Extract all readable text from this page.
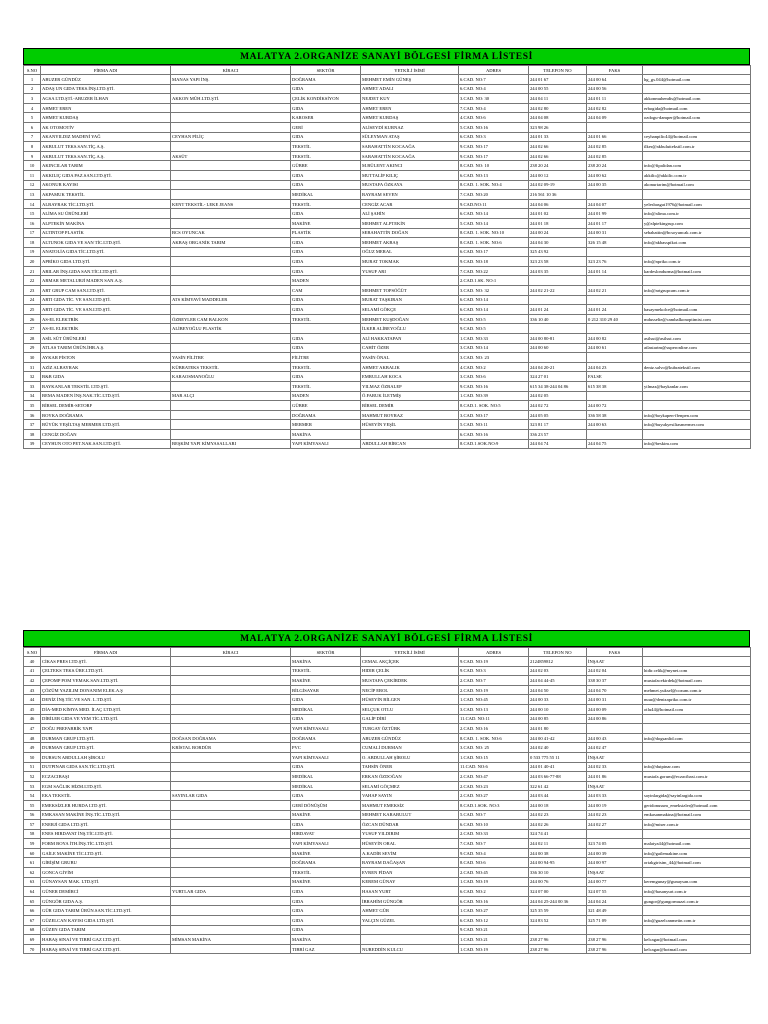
MALATYA 2.ORGANİZE SANAYİ BÖLGESİ FİRMA LİSTESİ
S.NO	FİRMA ADI	KİRACI	SEKTÖR	YETKİLİ İSİMİ	ADRES	TELEFON NO	FAKS	
1	ABUZER GÜNDÜZ	MANAS YAPI İNŞ.	DOĞRAMA	MEHMET EMİN GÜNEŞ	6.CAD. NO:7	244 01 67	244 00 64	hg_gs.044@hotmail.com
2	ADAŞ UN GIDA TEKS.İNŞ.LTD.ŞTİ.		GIDA	AHMET ADALI	6.CAD. NO:4	244 00 55	244 00 56	
3	AGSA LTD.ŞTİ.-ABUZER İLHAN	AKKON MÜH.LTD.ŞTİ.	ÇELİK KONDİKSİYON	NEJDET KUY	3.CAD. NO: 30	244 04 11	244 01 11	akkonmuhendis@hotmail.com
4	AHMET EREN		GIDA	AHMET EREN	7.CAD. NO:4	244 02 80	244 02 82	erbogida@hotmail.com
5	AHMET KURDAŞ		KAROSER	AHMET KURDAŞ	4.CAD. NO:6	244 04 08	244 04 09	ozdogu-damper@hotmail.com
6	AK OTOMOTİV		GERİ	ALİSEYDİ KURNAZ	5.CAD. NO:16	323 98 26		
7	AKANYILDIZ MADENİ YAĞ	CEYHAN PİLİÇ	GIDA	SÜLEYMAN ATAŞ	6.CAD. NO:3	244 01 33	244 01 66	ceyhanpilic44@hotmail.com
8	AKBULUT TEKS.SAN.TİÇ.A.Ş.		TEKSTİL	SABAHATTİN KOCAAĞA	9.CAD. NO:17	244 02 66	244 02 85	ilker@akbuluttekstil.com.tr
9	AKBULUT TEKS.SAN.TİÇ.A.Ş.	AKSÜT	TEKSTİL	SABAHATTİN KOCAAĞA	9.CAD. NO:17	244 02 66	244 02 85	
10	AKINCILAR TARIM		GÜBRE	M.BÜLENT AKINCI	8.CAD. NO: 10	238 20 24	238 20 24	info@fipalidan.com
11	AKKILIÇ GIDA PAZ.SAN.LTD.ŞTİ.		GIDA	MUTTALİP KILIÇ	6.CAD. NO:13	244 00 12	244 00 62	akkilic@akkilic.com.tr
12	AKONUR KAYISI		GIDA	MUSTAFA ÖZKAYA	8.CAD. 1. SOK. NO:4	244 02 09-19	244 00 35	akonurtarim@hotmail.com
13	AKPAMUK TEKSTİL		MEDİKAL	BAYRAM SEVEN	7.CAD. NO:20	216 561 10 36		
14	ALBAYRAK TİC.LTD.ŞTİ.	KENT TEKSTİL- LEKE JEANS	TEKSTİL	CENGİZ ACAR	9.CAD.NO:11	244 04 06	244 04 07	yelesbasgat1976@hotmail.com
15	ALİMA SU ÜRÜNLERİ		GIDA	ALİ ŞAHİN	6.CAD. NO:14	244 01 02	244 01 99	info@alima.com.tr
16	ALPTEKİN MAKİNA		MAKİNE	MEHMET ALPTEKİN	5.CAD. NO:14	244 01 18	244 01 17	y@alptekingrup.com
17	ALTINTOP PLASTİK	BCS OYUNCAK	PLASTİK	SEBAHATTİN DOĞAN	8.CAD. 1. SOK. NO:10	244 00 24	244 00 31	sebahattin@bcsoyuncak.com.tr
18	ALTUNOK GIDA VE SAN TİC.LTD.ŞTİ.	AKBAŞ ORGANİK TARIM	GIDA	MEHMET AKBAŞ	8.CAD. 1. SOK. NO:6	244 04 30	326 15 48	info@akbasspikot.com
19	ANATOLİA GIDA TİC.LTD.ŞTİ.		GIDA	OĞUZ MERAL	6.CAD. NO:17	325 43 92		
20	APRİKO GIDA LTD.ŞTİ.		GIDA	MURAT TOKMAK	9.CAD. NO:18	323 23 58	323 23 76	info@apriko.com.tr
21	ARILAR İNŞ.GIDA SAN.TİC.LTD.ŞTİ.		GIDA	YUSUF ARI	7.CAD. NO:22	244 03 35	244 01 14	kardeslondurma@hotmail.com
22	ARMAR METALURJİ MADEN SAN.A.Ş.		MADEN		2.CAD.1.SK. NO:1			
23	ART GRUP CAM SAN.LTD.ŞTİ.		CAM	MEHMET TOPSÖĞÜT	3.CAD. NO: 32	244 02 21-22	244 02 21	info@artgrupcam.com.tr
24	ARTI GIDA TİC. VE SAN.LTD.ŞTİ.	ATS KİMYAVİ MADDELER	GIDA	MURAT TAŞKIRAN	6.CAD. NO:14			
25	ARTI GIDA TİC. VE SAN.LTD.ŞTİ.		GIDA	SELAMİ GÖKÇE	6.CAD. NO:14	244 01 24	244 01 24	basaymekolce@hotmail.com
26	AS-EL ELEKTRİK	ÖZBEYLER CAM BALKON	TEKSTİL	MEHMET KUŞDOĞAN	9.CAD. NO:5	336 10 40	0 212 310 29 40	mdusselie@cambalkonoptimist.com
27	AS-EL ELEKTRİK	ALİBEYOĞLU PLASTİK		İLKER ALİBEYOĞLU	9.CAD. NO:5			
28	ASİL SÜT ÜRÜNLERİ		GIDA	ALİ HAKKATAPAN	1.CAD. NO:33	244 00 80-81	244 00 82	asilsut@asilsut.com
29	ATLAS TARIM ÜRÜN.İHR.A.Ş.		GIDA	CAHİT ÖZER	3.CAD. NO:14	244 00 60	244 00 61	atlastarim@superonline.com
30	AYKAR PİSTON	YASİN FİLİTRE	FİLİTRE	YASİN ÖNAL	3.CAD. NO: 23			
31	AZİZ ALBAYRAK	KÜBRATEKS TEKSTİL	TEKSTİL	AHMET AKBALIK	4.CAD. NO:2	244 04 20-21	244 04 23	deniz.salvo@kubratekstil.com
32	B&B GIDA	KARAOSMANOĞLU	GIDA	EMRULLAH KOCA	3.CAD. NO:6	324 27 01	FALSE	
33	BAYKANLAR TEKSTİL LTD.ŞTİ.		TEKSTİL	YILMAZ ÖZBALEP	9.CAD. NO:16	615 34 38-244 04 86	615 38 38	yilmaz@baykanlar.com
34	BEMA MADEN İNŞ.NAK.TİC.LTD.ŞTİ.	MAR ALÇI	MADEN	Ö.FARUK İLETMİŞ	1.CAD. NO:39	244 02 05		
35	BİRSEL DEMİR-SETORF		GÜBRE	BİRSEL DEMİR	8.CAD.1. SOK. NO:5	244 02 72	244 00 72	
36	BOYKA DOĞRAMA		DOĞRAMA	MAHMUT BOYRAZ	3.CAD. NO:17	244 05 05	336 58 38	info@boykapen-ffenpen.com
37	BÜYÜK YEŞİLTAŞ MERMER LTD.ŞTİ.		MERMER	HÜSEYİN YEŞİL	5.CAD. NO:11	323 81 17	244 00 63	info@buyukyesiltasmermer.com
38	CENGİZ DOĞAN		MAKİNA		6.CAD. NO:16	336 23 57		
39	CEYHUN OTO PET.NAK.SAN.LTD.ŞTİ.	BEŞKİM YAPI KİMYASALLARI	YAPI KİMYASALI	ABDULLAH BİRCAN	8.CAD.1.SOK.NO:9	244 04 74	244 04 75	info@beskim.com
MALATYA 2.ORGANİZE SANAYİ BÖLGESİ FİRMA LİSTESİ
S.NO	FİRMA ADI	KİRACI	SEKTÖR	YETKİLİ İSİMİ	ADRES	TELEFON NO	FAKS	
40	CİKAS PRES LTD.ŞTİ.		MAKİNA	CEMAL AKÇİÇEK	9.CAD. NO:19	2124859812	İNŞAAT	
41	ÇELTEKS TEKS.ÜRE.LTD.ŞTİ.		TEKSTİL	HIDIR ÇELİK	9.CAD. NO:3	244 02 03	244 02 04	hidir.celik@mynet.com
42	ÇEPOMP POM VEMAK.SAN.LTD.ŞTİ.		MAKİNE	MUSTAFA ÇEKİRDEK	2.CAD. NO:7	244 04 44-45	338 30 37	mustafacekirdek@hotmail.com
43	ÇÖZÜM YAZILIM DONANIM ELEK.A.Ş		BİLGİSAYAR	NECİP EROL	2.CAD. NO:19	244 04 50	244 04 70	mehmet.yuksel@cozum.com.tr
44	DENİZ İNŞ.TİC.VE SAN. L.TD.ŞTİ.		GIDA	HÜSEYİN BİLGEN	1.CAD. NO:45	244 00 33	244 00 31	nuur@denizapriko.com.tr
45	DİA-MED KİMYA MED. İLAÇ LTD.ŞTİ.		MEDİKAL	SELÇUK OTLU	3.CAD. NO:13	244 00 10	244 00 09	otlu44@hotmail.com
46	DİRİLER GIDA VE YEM TİC.LTD.ŞTİ.		GIDA	GALİP DİRİ	11.CAD. NO:11	244 00 85	244 00 86	
47	DOĞU PREFABRİK YAPI		YAPI KİMYASALI	TURGAY ÖZTÜRK	2.CAD. NO:16	244 01 80		
48	DURMAN GRUP LTD.ŞTİ.	DOĞSAN DOĞRAMA	DOĞRAMA	ABUZER GÜNDÜZ	8.CAD. 1. SOK. NO:6	244 00 41-42	244 00 43	info@dogsanltd.com
49	DURMAN GRUP LTD.ŞTİ.	KRİSTAL BORDÜR	PVC	CUMALİ DURMAN	3.CAD. NO: 25	244 02 40	244 02 47	
50	DURSUN ABDULLAH ŞİROLU		YAPI KİMYASALI	O. ABDULLAH ŞİROLU	1.CAD. NO:15	0 533 775 55 11	İNŞAAT	
51	DUTPINAR GIDA SAN.TİC.LTD.ŞTİ.		GIDA	TAHSİN ÖNER	11.CAD. NO:6	244 01 40-41	244 02 33	info@dutpinar.com
52	ECZACIBAŞI		MEDİKAL	ERKAN ÖZDOĞAN	2.CAD. NO:47	244 03 66-77-88	244 01 86	mustafa.gorum@eczacibasi.com.tr
53	EGM SAĞLIK HİZM.LTD.ŞTİ.		MEDİKAL	SELAMİ GÖÇMEZ	2.CAD. NO:23	322 61 42	İNŞAAT	
54	EKA TEKSTİL	SAYINLAR GIDA	GIDA	VAHAP SAYIN	2.CAD. NO:27	244 03 44	244 03 33	sayinlargida@sayinlargida.com
55	EMEKSİZLER HURDA LTD.ŞTİ.		GERİ DÖNÜŞÜM	MAHMUT EMEKSİZ	8.CAD.1.SOK. NO:3	244 00 18	244 00 19	geridonusum_emeksizler@hotmail.com
56	EMKASAN MAKİNE İNŞ.TİC.LTD.ŞTİ.		MAKİNE	MEHMET KARABULUT	5.CAD. NO:7	244 02 23	244 02 23	emkasanmakina@hotmail.com
57	ENERJİ GIDA LTD.ŞTİ.		GIDA	ÖZCAN DÜNDAR	6.CAD. NO:10	244 02 26	244 02 27	info@miser.com.tr
58	ENES HIRDAVAT İNŞ.TİC.LTD.ŞTİ.		HIRDAVAT	YUSUF YILDIRIM	2.CAD. NO:33	324 74 41		
59	FORM BOYA İTH.İNŞ.TİC.LTD.ŞTİ.		YAPI KİMYASALI	HÜSEYİN ORAL	7.CAD. NO:7	244 02 11	323 74 05	malatya44@hotmail.com
60	GAİLE MAKİNE TİC.LTD.ŞTİ.		MAKİNE	A.KADİR SEVİM	9.CAD. NO:4	244 00 38	244 00 39	info@gailemakine.com
61	GİRİŞİM GRUBU		DOĞRAMA	BAYRAM DAĞAŞAN	8.CAD. NO:6	244 00 94-95	244 00 97	ortakgirisim_44@hotmail.com
62	GONCA GİYİM		TEKSTİL	EVREN FİDAN	2.CAD. NO:45	336 30 10	İNŞAAT	
63	GÜNAYSAN MAK. LTD.ŞTİ.		MAKİNE	KEREM GÜNAY	1.CAD. NO:19	244 00 76	244 00 77	keremgunay@gunaysan.com
64	GÜNER DEMİRCİ	YURTLAR GIDA	GIDA	HASAN YURT	6.CAD. NO:2	324 07 00	324 07 55	info@hasanyurt.com.tr
65	GÜNGÖR GIDA A.Ş.		GIDA	İBRAHİM GÜNGÖR	6.CAD. NO:16	244 04 25-244 00 36	244 04 24	gungor@gungormuzzi.com.tr
66	GÜR GIDA TARIM ÜRÜN.SAN.TİC.LTD.ŞTİ.		GIDA	AHMET GÜR	1.CAD. NO:27	325 35 59	321 48 49	
67	GÜZELCAN KAYISI GIDA LTD.ŞTİ.		GIDA	YALÇIN GÜZEL	6.CAD. NO:12	324 83 52	325 71 09	info@guzelcanmetin.com.tr
68	GÜZEN GIDA TARIM		GIDA		9.CAD. NO:21			
69	HABAŞ SINAİ VE TIBBİ GAZ LTD.ŞTİ.	MİMSAN MAKİNA	MAKİNA		1.CAD. NO:21	238 27 96	238 27 96	kelcagar@hotmail.com
70	HABAŞ SINAİ VE TIBBİ GAZ LTD.ŞTİ.		TIBBİ GAZ	NUREDDİN KULCU	1.CAD. NO:19	238 27 96	238 27 96	kelcagar@hotmail.com
